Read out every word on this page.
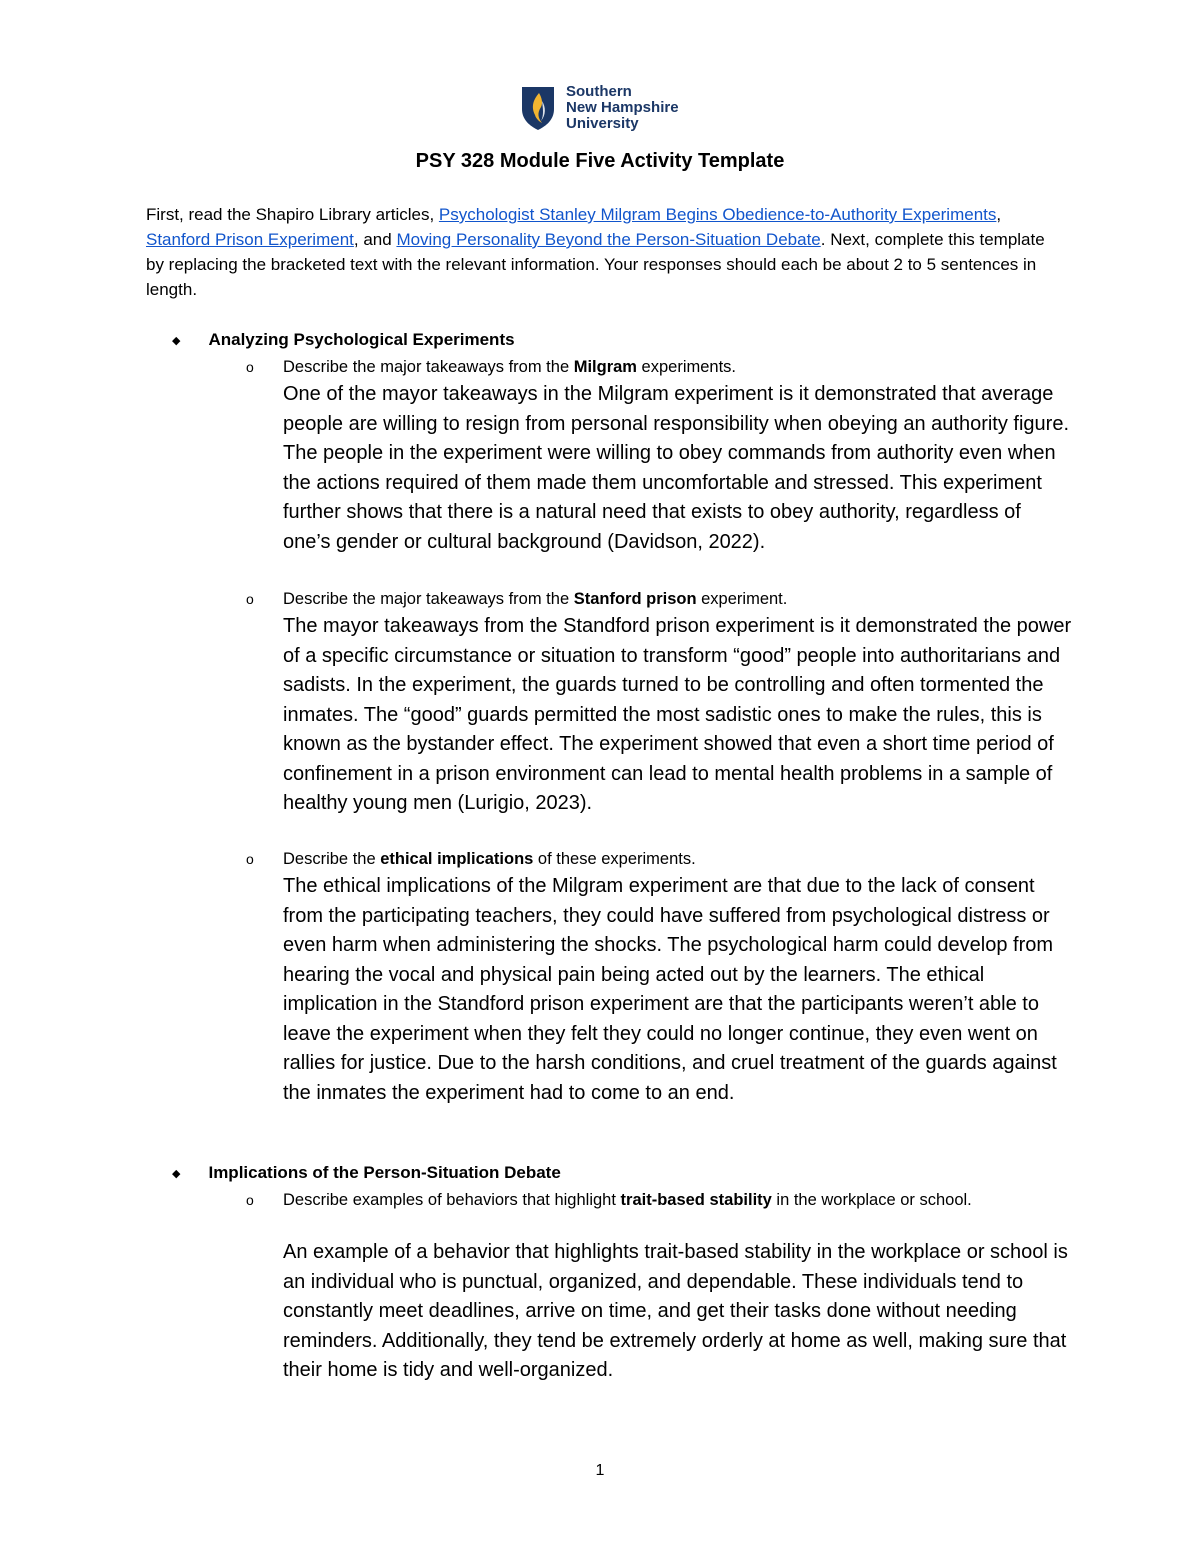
Southern
New Hampshire
University
PSY 328 Module Five Activity Template
First, read the Shapiro Library articles, Psychologist Stanley Milgram Begins Obedience-to-Authority Experiments, Stanford Prison Experiment, and Moving Personality Beyond the Person-Situation Debate. Next, complete this template by replacing the bracketed text with the relevant information. Your responses should each be about 2 to 5 sentences in length.
◆ Analyzing Psychological Experiments
o	Describe the major takeaways from the Milgram experiments.
One of the mayor takeaways in the Milgram experiment is it demonstrated that average people are willing to resign from personal responsibility when obeying an authority figure. The people in the experiment were willing to obey commands from authority even when the actions required of them made them uncomfortable and stressed. This experiment further shows that there is a natural need that exists to obey authority, regardless of one’s gender or cultural background (Davidson, 2022).
o	Describe the major takeaways from the Stanford prison experiment.
The mayor takeaways from the Standford prison experiment is it demonstrated the power of a specific circumstance or situation to transform “good” people into authoritarians and sadists. In the experiment, the guards turned to be controlling and often tormented the inmates. The “good” guards permitted the most sadistic ones to make the rules, this is known as the bystander effect. The experiment showed that even a short time period of confinement in a prison environment can lead to mental health problems in a sample of healthy young men (Lurigio, 2023).
o	Describe the ethical implications of these experiments.
The ethical implications of the Milgram experiment are that due to the lack of consent from the participating teachers, they could have suffered from psychological distress or even harm when administering the shocks. The psychological harm could develop from hearing the vocal and physical pain being acted out by the learners. The ethical implication in the Standford prison experiment are that the participants weren’t able to leave the experiment when they felt they could no longer continue, they even went on rallies for justice. Due to the harsh conditions, and cruel treatment of the guards against the inmates the experiment had to come to an end.
◆ Implications of the Person-Situation Debate
o	Describe examples of behaviors that highlight trait-based stability in the workplace or school.
An example of a behavior that highlights trait-based stability in the workplace or school is an individual who is punctual, organized, and dependable. These individuals tend to constantly meet deadlines, arrive on time, and get their tasks done without needing reminders. Additionally, they tend be extremely orderly at home as well, making sure that their home is tidy and well-organized.
1
